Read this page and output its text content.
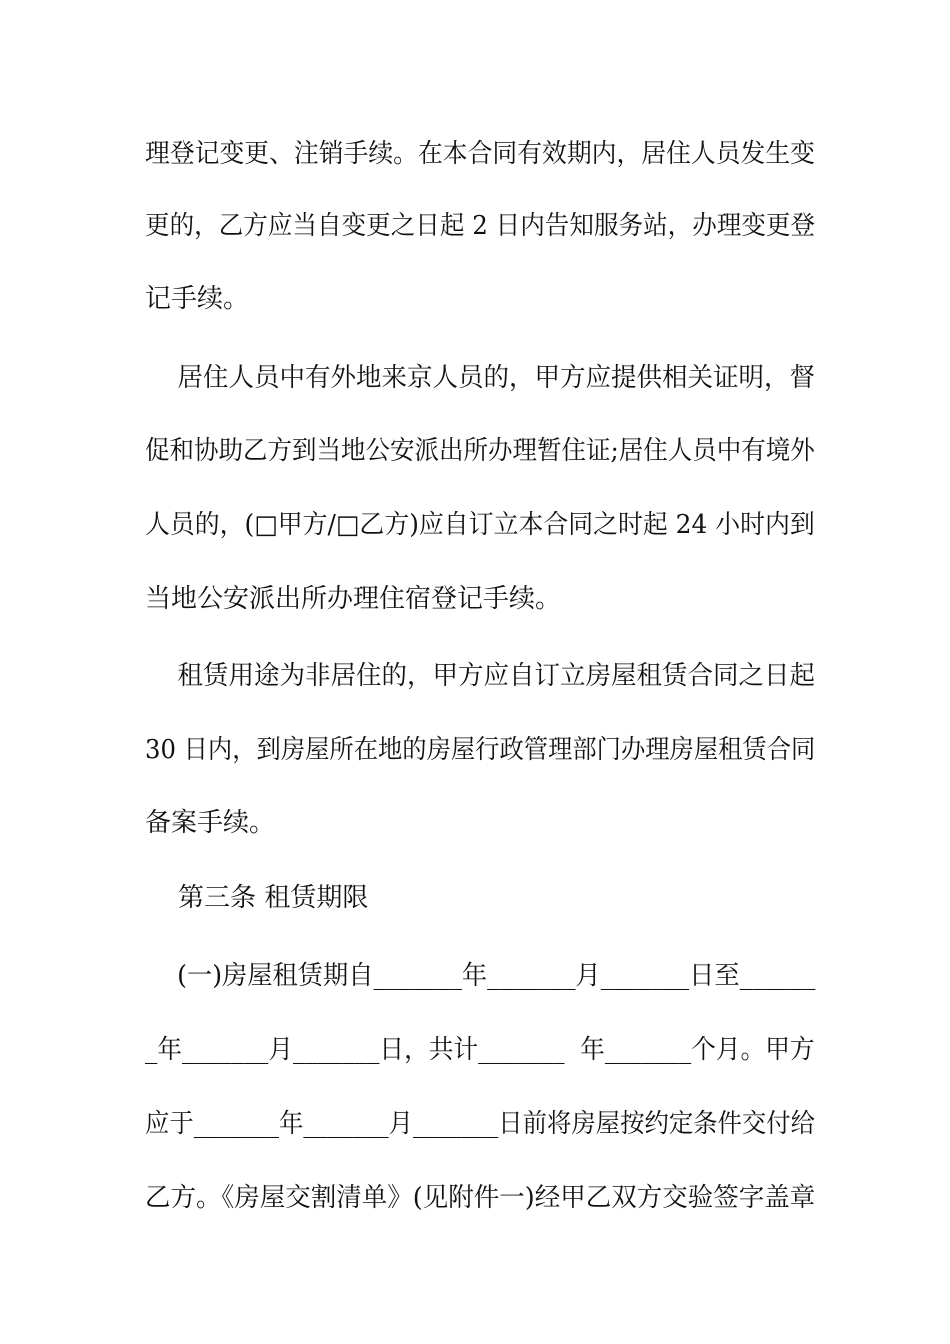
理登记变更、注销手续。在本合同有效期内，居住人员发生变
更的，乙方应当自变更之日起 2 日内告知服务站，办理变更登
记手续。
居住人员中有外地来京人员的，甲方应提供相关证明，督
促和协助乙方到当地公安派出所办理暂住证;居住人员中有境外
人员的，(□甲方/□乙方)应自订立本合同之时起 24 小时内到
当地公安派出所办理住宿登记手续。
租赁用途为非居住的，甲方应自订立房屋租赁合同之日起
30 日内，到房屋所在地的房屋行政管理部门办理房屋租赁合同
备案手续。
第三条 租赁期限
(一)房屋租赁期自_______年_______月_______日至______
_年_______月_______日，共计_______  年_______个月。甲方
应于_______年_______月_______日前将房屋按约定条件交付给
乙方。《房屋交割清单》(见附件一)经甲乙双方交验签字盖章
